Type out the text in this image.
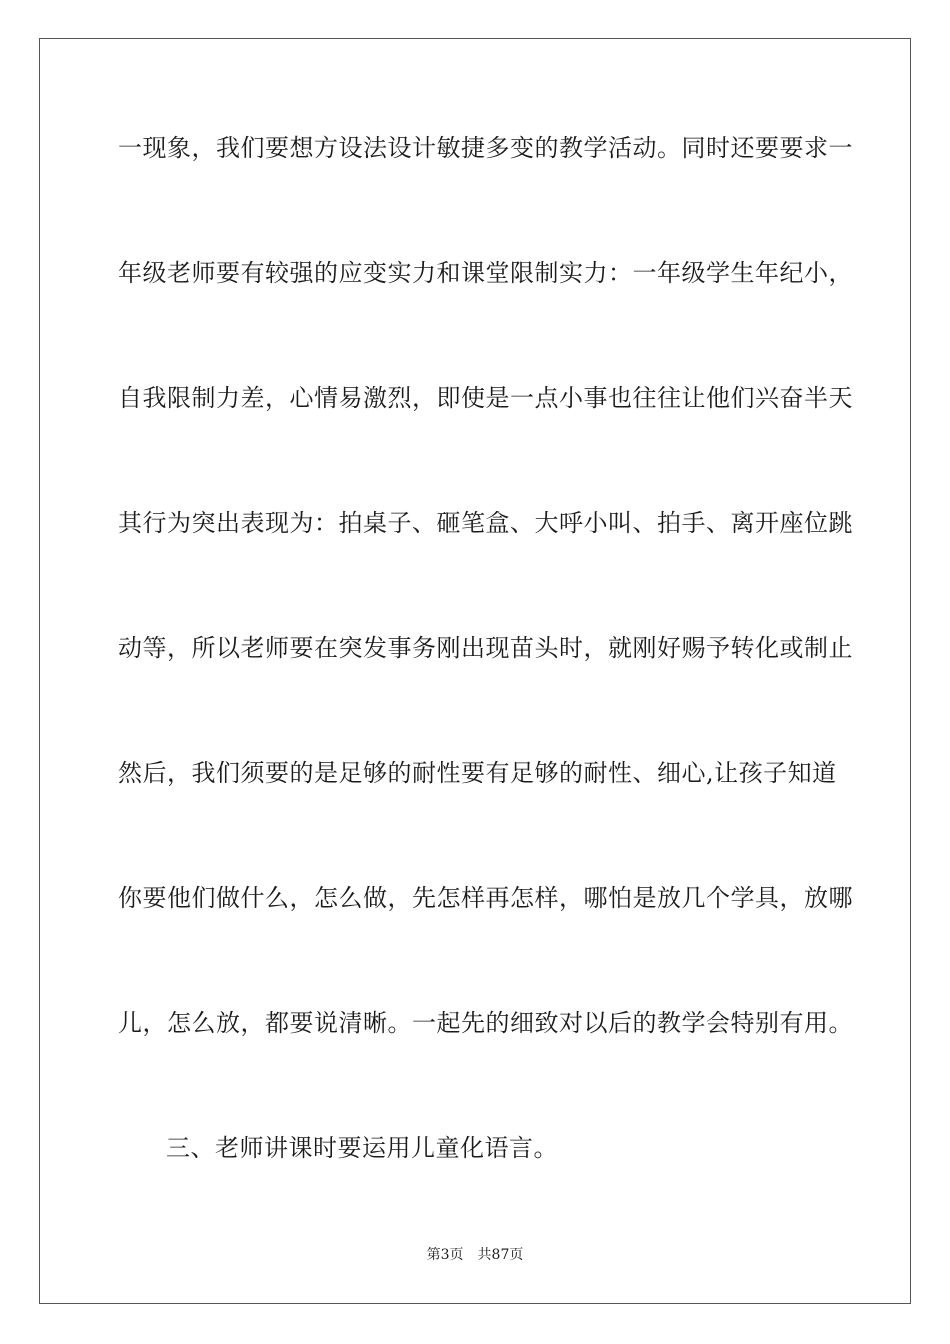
一现象，我们要想方设法设计敏捷多变的教学活动。同时还要要求一
年级老师要有较强的应变实力和课堂限制实力：一年级学生年纪小，
自我限制力差，心情易激烈，即使是一点小事也往往让他们兴奋半天
其行为突出表现为：拍桌子、砸笔盒、大呼小叫、拍手、离开座位跳
动等，所以老师要在突发事务刚出现苗头时，就刚好赐予转化或制止
然后，我们须要的是足够的耐性要有足够的耐性、细心,让孩子知道
你要他们做什么，怎么做，先怎样再怎样，哪怕是放几个学具，放哪
儿，怎么放，都要说清晰。一起先的细致对以后的教学会特别有用。
三、老师讲课时要运用儿童化语言。
第3页 共87页
